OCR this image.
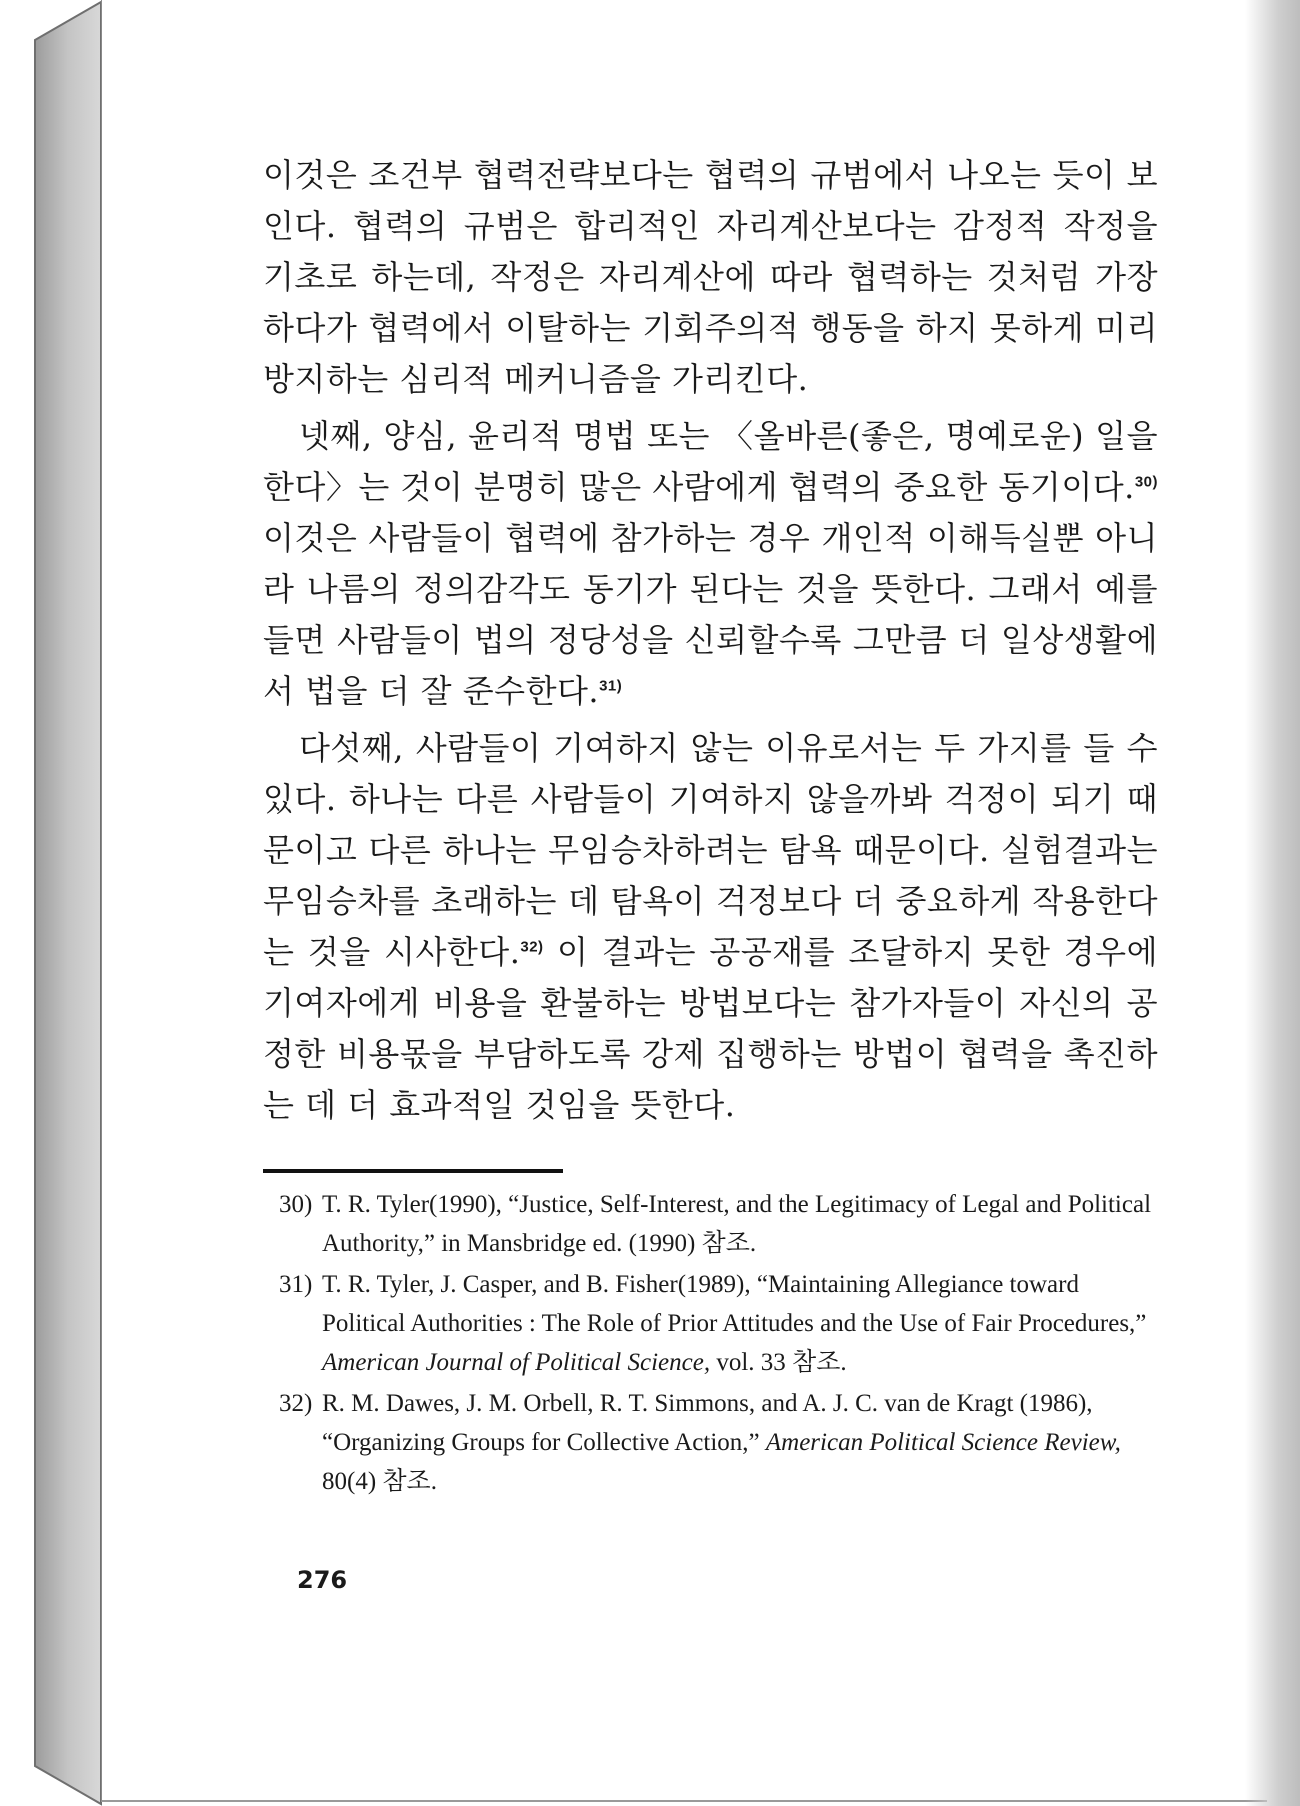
이것은 조건부 협력전략보다는 협력의 규범에서 나오는 듯이 보인다. 협력의 규범은 합리적인 자리계산보다는 감정적 작정을 기초로 하는데, 작정은 자리계산에 따라 협력하는 것처럼 가장하다가 협력에서 이탈하는 기회주의적 행동을 하지 못하게 미리 방지하는 심리적 메커니즘을 가리킨다.

넷째, 양심, 윤리적 명법 또는 〈올바른(좋은, 명예로운) 일을 한다〉는 것이 분명히 많은 사람에게 협력의 중요한 동기이다.$^{30)}$ 이것은 사람들이 협력에 참가하는 경우 개인적 이해득실뿐 아니라 나름의 정의감각도 동기가 된다는 것을 뜻한다. 그래서 예를 들면 사람들이 법의 정당성을 신뢰할수록 그만큼 더 일상생활에서 법을 더 잘 준수한다.$^{31)}$

다섯째, 사람들이 기여하지 않는 이유로서는 두 가지를 들 수 있다. 하나는 다른 사람들이 기여하지 않을까봐 걱정이 되기 때문이고 다른 하나는 무임승차하려는 탐욕 때문이다. 실험결과는 무임승차를 초래하는 데 탐욕이 걱정보다 더 중요하게 작용한다는 것을 시사한다.$^{32)}$ 이 결과는 공공재를 조달하지 못한 경우에 기여자에게 비용을 환불하는 방법보다는 참가자들이 자신의 공정한 비용몫을 부담하도록 강제 집행하는 방법이 협력을 촉진하는 데 더 효과적일 것임을 뜻한다.

30) T. R. Tyler(1990), “Justice, Self-Interest, and the Legitimacy of Legal and Political Authority,” in Mansbridge ed. (1990) 참조.
31) T. R. Tyler, J. Casper, and B. Fisher(1989), “Maintaining Allegiance toward Political Authorities : The Role of Prior Attitudes and the Use of Fair Procedures,” American Journal of Political Science, vol. 33 참조.
32) R. M. Dawes, J. M. Orbell, R. T. Simmons, and A. J. C. van de Kragt (1986), “Organizing Groups for Collective Action,” American Political Science Review, 80(4) 참조.
276
